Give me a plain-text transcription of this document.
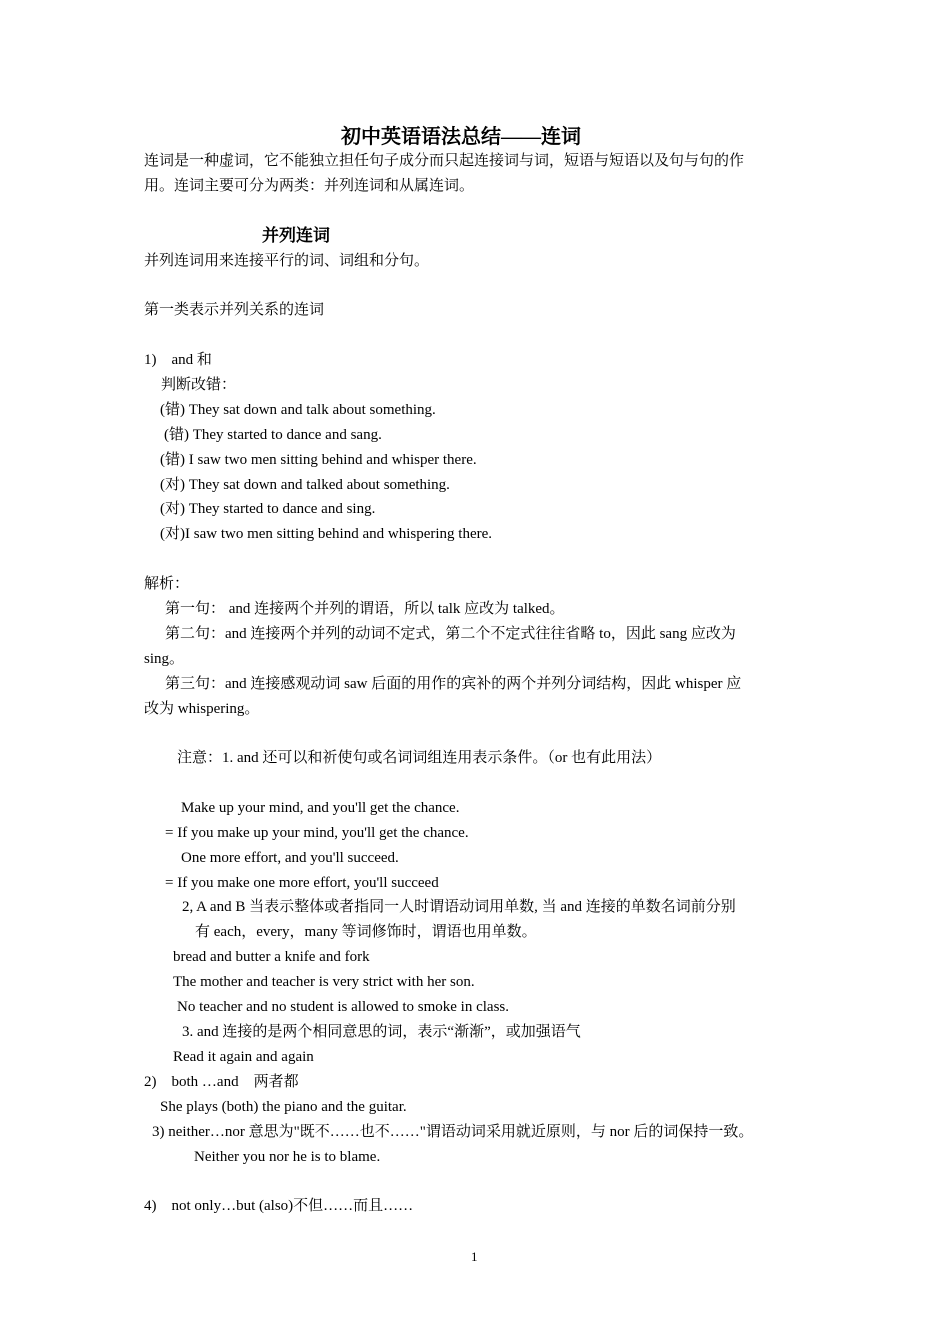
初中英语语法总结——连词
连词是一种虚词，它不能独立担任句子成分而只起连接词与词，短语与短语以及句与句的作
用。连词主要可分为两类：并列连词和从属连词。
并列连词
并列连词用来连接平行的词、词组和分句。
第一类表示并列关系的连词
1)　and 和
判断改错：
(错) They sat down and talk about something.
(错) They started to dance and sang.
(错) I saw two men sitting behind and whisper there.
(对) They sat down and talked about something.
(对) They started to dance and sing.
(对)I saw two men sitting behind and whispering there.
解析：
第一句： and 连接两个并列的谓语，所以 talk 应改为 talked。
第二句：and 连接两个并列的动词不定式，第二个不定式往往省略 to，因此 sang 应改为
sing。
第三句：and 连接感观动词 saw 后面的用作的宾补的两个并列分词结构，因此 whisper 应
改为 whispering。
注意：1. and 还可以和祈使句或名词词组连用表示条件。（or 也有此用法）
Make up your mind, and you'll get the chance.
= If you make up your mind, you'll get the chance.
One more effort, and you'll succeed.
= If you make one more effort, you'll succeed
2, A and B 当表示整体或者指同一人时谓语动词用单数, 当 and 连接的单数名词前分别
有 each，every，many 等词修饰时，谓语也用单数。
bread and butter a knife and fork
The mother and teacher is very strict with her son.
No teacher and no student is allowed to smoke in class.
3. and 连接的是两个相同意思的词，表示“渐渐”，或加强语气
Read it again and again
2)　both …and　两者都
She plays (both) the piano and the guitar.
3) neither…nor 意思为"既不……也不……"谓语动词采用就近原则，与 nor 后的词保持一致。
Neither you nor he is to blame.
4)　not only…but (also)不但……而且……
1
